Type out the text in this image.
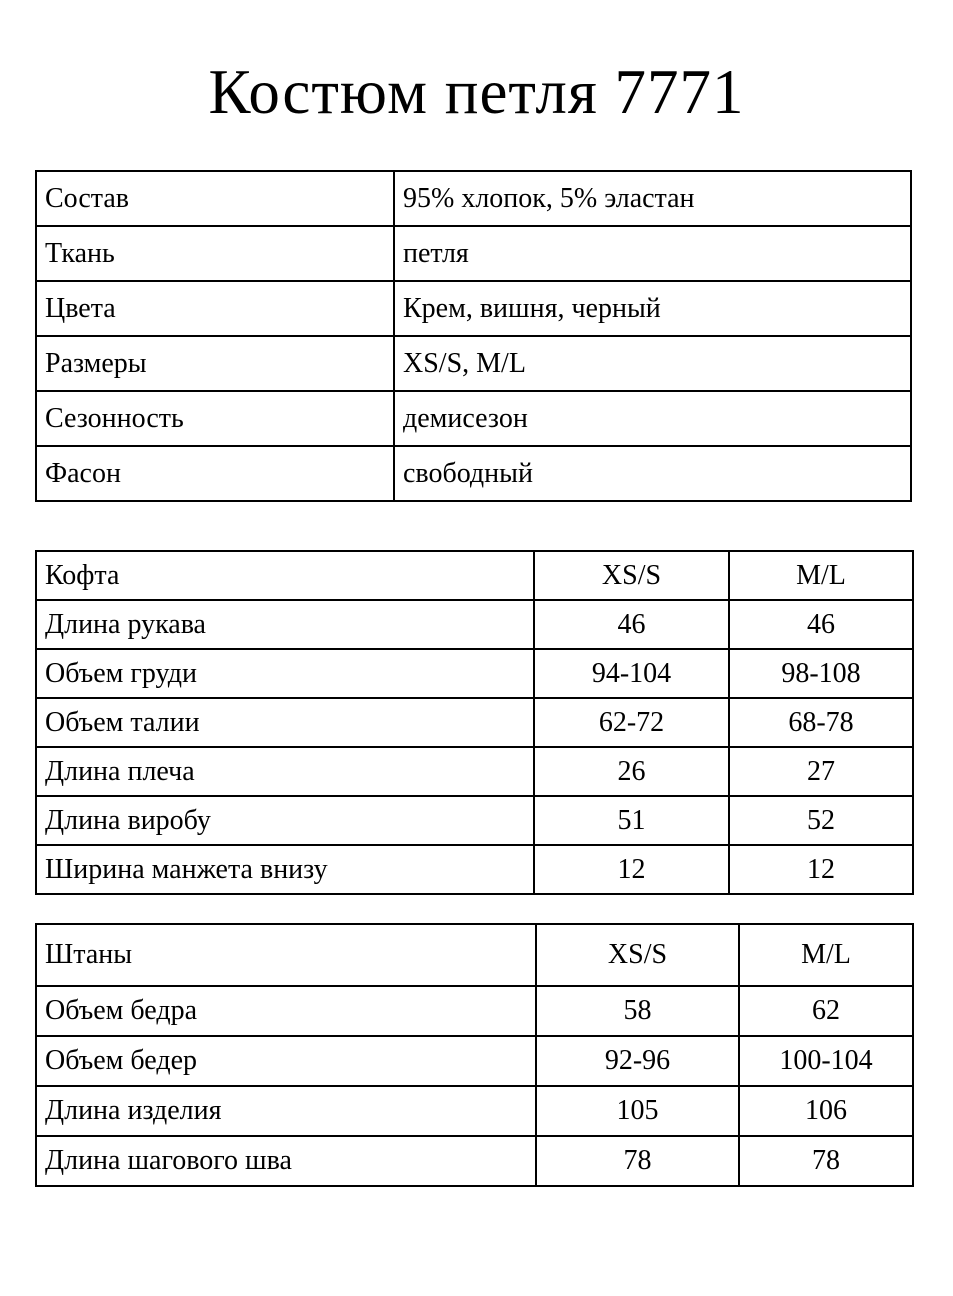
Костюм петля 7771
Состав	95% хлопок, 5% эластан
Ткань	петля
Цвета	Крем, вишня, черный
Размеры	XS/S, M/L
Сезонность	демисезон
Фасон	свободный
Кофта	XS/S	M/L
Длина рукава	46	46
Объем груди	94-104	98-108
Объем талии	62-72	68-78
Длина плеча	26	27
Длина виробу	51	52
Ширина манжета внизу	12	12
Штаны	XS/S	M/L
Объем бедра	58	62
Объем бедер	92-96	100-104
Длина изделия	105	106
Длина шагового шва	78	78
